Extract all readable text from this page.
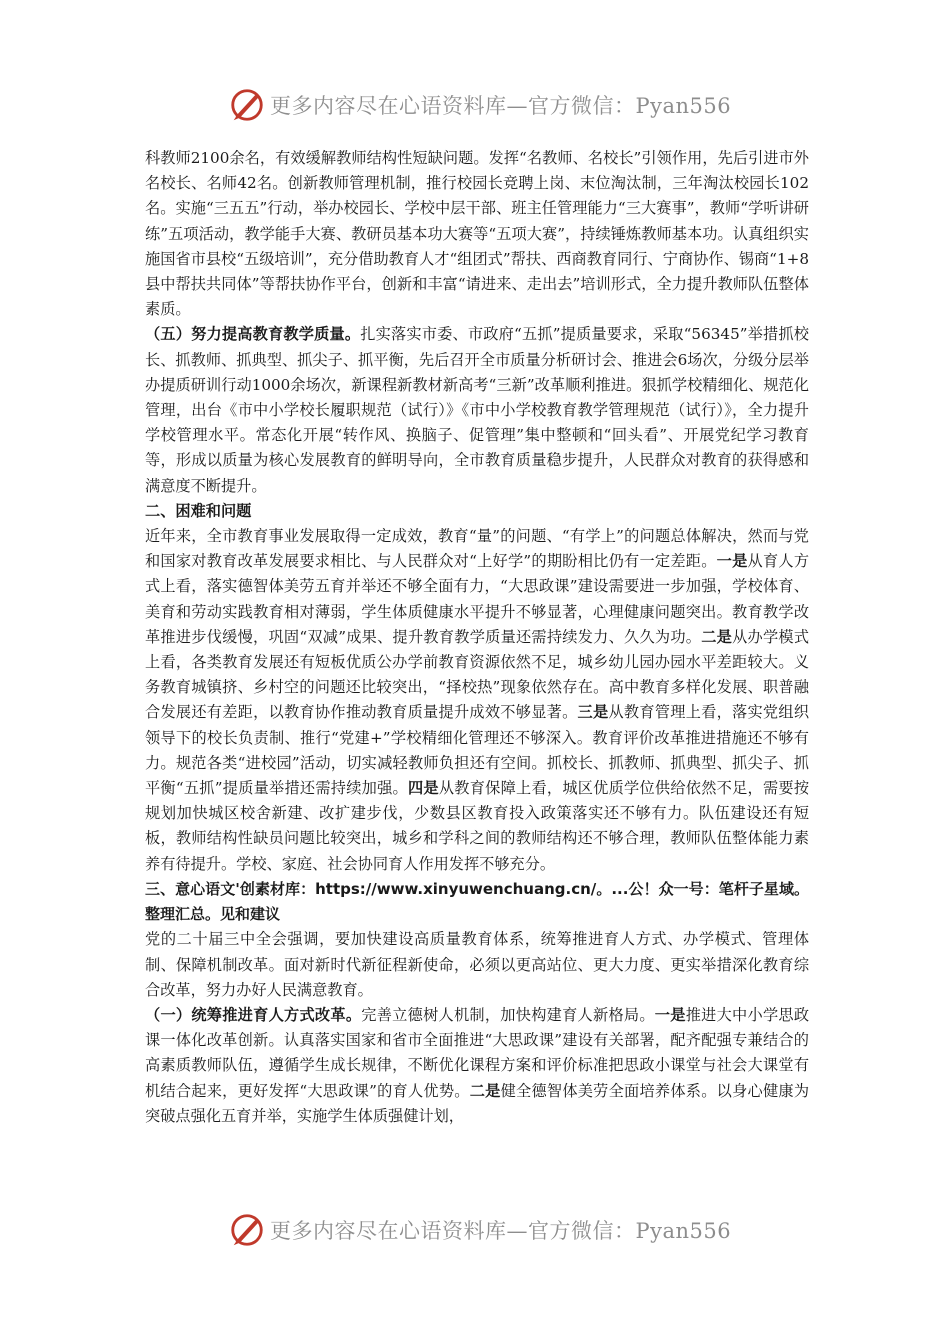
更多内容尽在心语资料库—官方微信：Pyan556

科教师2100余名，有效缓解教师结构性短缺问题。发挥“名教师、名校长”引领作用，先后引进市外名校长、名师42名。创新教师管理机制，推行校园长竞聘上岗、末位淘汰制，三年淘汰校园长102名。实施“三五五”行动，举办校园长、学校中层干部、班主任管理能力“三大赛事”，教师“学听讲研练”五项活动，教学能手大赛、教研员基本功大赛等“五项大赛”，持续锤炼教师基本功。认真组织实施国省市县校“五级培训”，充分借助教育人才“组团式”帮扶、西商教育同行、宁商协作、锡商“1+8县中帮扶共同体”等帮扶协作平台，创新和丰富“请进来、走出去”培训形式，全力提升教师队伍整体素质。

（五）努力提高教育教学质量。扎实落实市委、市政府“五抓”提质量要求，采取“56345”举措抓校长、抓教师、抓典型、抓尖子、抓平衡，先后召开全市质量分析研讨会、推进会6场次，分级分层举办提质研训行动1000余场次，新课程新教材新高考“三新”改革顺利推进。狠抓学校精细化、规范化管理，出台《市中小学校长履职规范（试行）》《市中小学校教育教学管理规范（试行）》，全力提升学校管理水平。常态化开展“转作风、换脑子、促管理”集中整顿和“回头看”、开展党纪学习教育等，形成以质量为核心发展教育的鲜明导向，全市教育质量稳步提升，人民群众对教育的获得感和满意度不断提升。

二、困难和问题

近年来，全市教育事业发展取得一定成效，教育“量”的问题、“有学上”的问题总体解决，然而与党和国家对教育改革发展要求相比、与人民群众对“上好学”的期盼相比仍有一定差距。一是从育人方式上看，落实德智体美劳五育并举还不够全面有力，“大思政课”建设需要进一步加强，学校体育、美育和劳动实践教育相对薄弱，学生体质健康水平提升不够显著，心理健康问题突出。教育教学改革推进步伐缓慢，巩固“双减”成果、提升教育教学质量还需持续发力、久久为功。二是从办学模式上看，各类教育发展还有短板优质公办学前教育资源依然不足，城乡幼儿园办园水平差距较大。义务教育城镇挤、乡村空的问题还比较突出，“择校热”现象依然存在。高中教育多样化发展、职普融合发展还有差距，以教育协作推动教育质量提升成效不够显著。三是从教育管理上看，落实党组织领导下的校长负责制、推行“党建+”学校精细化管理还不够深入。教育评价改革推进措施还不够有力。规范各类“进校园”活动，切实减轻教师负担还有空间。抓校长、抓教师、抓典型、抓尖子、抓平衡“五抓”提质量举措还需持续加强。四是从教育保障上看，城区优质学位供给依然不足，需要按规划加快城区校舍新建、改扩建步伐，少数县区教育投入政策落实还不够有力。队伍建设还有短板，教师结构性缺员问题比较突出，城乡和学科之间的教师结构还不够合理，教师队伍整体能力素养有待提升。学校、家庭、社会协同育人作用发挥不够充分。

三、意心语文'创素材库：https://www.xinyuwenchuang.cn/。...公！众一号：笔杆子星域。整理汇总。见和建议

党的二十届三中全会强调，要加快建设高质量教育体系，统筹推进育人方式、办学模式、管理体制、保障机制改革。面对新时代新征程新使命，必须以更高站位、更大力度、更实举措深化教育综合改革，努力办好人民满意教育。

（一）统筹推进育人方式改革。完善立德树人机制，加快构建育人新格局。一是推进大中小学思政课一体化改革创新。认真落实国家和省市全面推进“大思政课”建设有关部署，配齐配强专兼结合的高素质教师队伍，遵循学生成长规律，不断优化课程方案和评价标准把思政小课堂与社会大课堂有机结合起来，更好发挥“大思政课”的育人优势。二是健全德智体美劳全面培养体系。以身心健康为突破点强化五育并举，实施学生体质强健计划，

更多内容尽在心语资料库—官方微信：Pyan556
